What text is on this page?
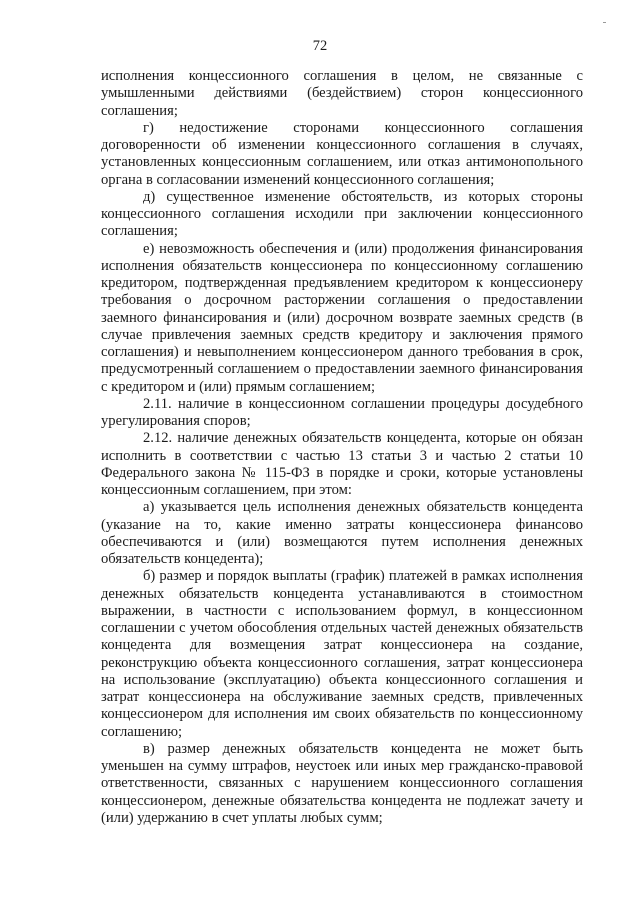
72

исполнения концессионного соглашения в целом, не связанные с умышленными действиями (бездействием) сторон концессионного соглашения;

г) недостижение сторонами концессионного соглашения договоренности об изменении концессионного соглашения в случаях, установленных концессионным соглашением, или отказ антимонопольного органа в согласовании изменений концессионного соглашения;

д) существенное изменение обстоятельств, из которых стороны концессионного соглашения исходили при заключении концессионного соглашения;

е) невозможность обеспечения и (или) продолжения финансирования исполнения обязательств концессионера по концессионному соглашению кредитором, подтвержденная предъявлением кредитором к концессионеру требования о досрочном расторжении соглашения о предоставлении заемного финансирования и (или) досрочном возврате заемных средств (в случае привлечения заемных средств кредитору и заключения прямого соглашения) и невыполнением концессионером данного требования в срок, предусмотренный соглашением о предоставлении заемного финансирования с кредитором и (или) прямым соглашением;

2.11. наличие в концессионном соглашении процедуры досудебного урегулирования споров;

2.12. наличие денежных обязательств концедента, которые он обязан исполнить в соответствии с частью 13 статьи 3 и частью 2 статьи 10 Федерального закона № 115-ФЗ в порядке и сроки, которые установлены концессионным соглашением, при этом:

а) указывается цель исполнения денежных обязательств концедента (указание на то, какие именно затраты концессионера финансово обеспечиваются и (или) возмещаются путем исполнения денежных обязательств концедента);

б) размер и порядок выплаты (график) платежей в рамках исполнения денежных обязательств концедента устанавливаются в стоимостном выражении, в частности с использованием формул, в концессионном соглашении с учетом обособления отдельных частей денежных обязательств концедента для возмещения затрат концессионера на создание, реконструкцию объекта концессионного соглашения, затрат концессионера на использование (эксплуатацию) объекта концессионного соглашения и затрат концессионера на обслуживание заемных средств, привлеченных концессионером для исполнения им своих обязательств по концессионному соглашению;

в) размер денежных обязательств концедента не может быть уменьшен на сумму штрафов, неустоек или иных мер гражданско-правовой ответственности, связанных с нарушением концессионного соглашения концессионером, денежные обязательства концедента не подлежат зачету и (или) удержанию в счет уплаты любых сумм;
